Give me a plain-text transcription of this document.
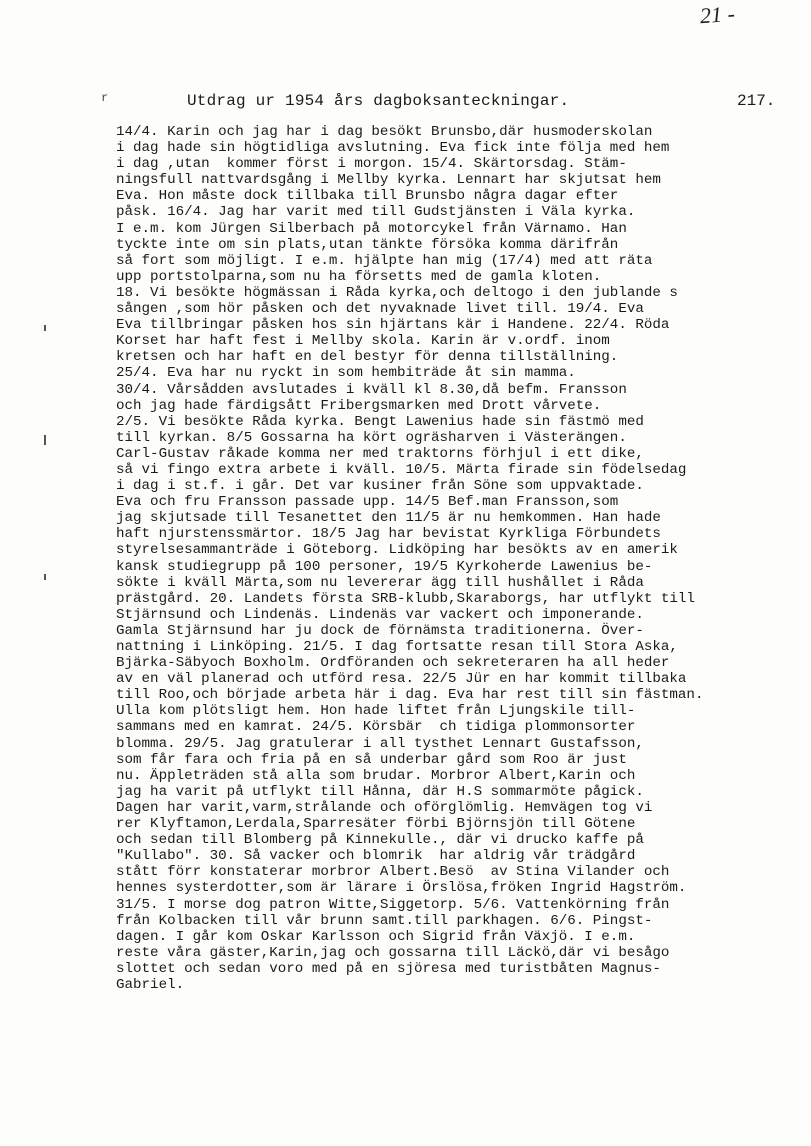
21 -
r	Utdrag ur 1954 års dagboksanteckningar.	217.
14/4. Karin och jag har i dag besökt Brunsbo,där husmoderskolan
i dag hade sin högtidliga avslutning. Eva fick inte följa med hem
i dag ,utan  kommer först i morgon. 15/4. Skärtorsdag. Stäm-
ningsfull nattvardsgång i Mellby kyrka. Lennart har skjutsat hem
Eva. Hon måste dock tillbaka till Brunsbo några dagar efter
påsk. 16/4. Jag har varit med till Gudstjänsten i Väla kyrka.
I e.m. kom Jürgen Silberbach på motorcykel från Värnamo. Han
tyckte inte om sin plats,utan tänkte försöka komma därifrån
så fort som möjligt. I e.m. hjälpte han mig (17/4) med att räta
upp portstolparna,som nu ha försetts med de gamla kloten.
18. Vi besökte högmässan i Råda kyrka,och deltogo i den jublande s
sången ,som hör påsken och det nyvaknade livet till. 19/4. Eva
Eva tillbringar påsken hos sin hjärtans kär i Handene. 22/4. Röda
Korset har haft fest i Mellby skola. Karin är v.ordf. inom
kretsen och har haft en del bestyr för denna tillställning.
25/4. Eva har nu ryckt in som hembiträde åt sin mamma.
30/4. Vårsådden avslutades i kväll kl 8.30,då befm. Fransson
och jag hade färdigsått Fribergsmarken med Drott vårvete.
2/5. Vi besökte Råda kyrka. Bengt Lawenius hade sin fästmö med
till kyrkan. 8/5 Gossarna ha kört ogräsharven i Västerängen.
Carl-Gustav råkade komma ner med traktorns förhjul i ett dike,
så vi fingo extra arbete i kväll. 10/5. Märta firade sin födelsedag
i dag i st.f. i går. Det var kusiner från Söne som uppvaktade.
Eva och fru Fransson passade upp. 14/5 Bef.man Fransson,som
jag skjutsade till Tesanettet den 11/5 är nu hemkommen. Han hade
haft njurstenssmärtor. 18/5 Jag har bevistat Kyrkliga Förbundets
styrelsesammanträde i Göteborg. Lidköping har besökts av en amerik
kansk studiegrupp på 100 personer, 19/5 Kyrkoherde Lawenius be-
sökte i kväll Märta,som nu levererar ägg till hushållet i Råda
prästgård. 20. Landets första SRB-klubb,Skaraborgs, har utflykt till
Stjärnsund och Lindenäs. Lindenäs var vackert och imponerande.
Gamla Stjärnsund har ju dock de förnämsta traditionerna. Över-
nattning i Linköping. 21/5. I dag fortsatte resan till Stora Aska,
Bjärka-Säbyoch Boxholm. Ordföranden och sekreteraren ha all heder
av en väl planerad och utförd resa. 22/5 Jür en har kommit tillbaka
till Roo,och började arbeta här i dag. Eva har rest till sin fästman.
Ulla kom plötsligt hem. Hon hade liftet från Ljungskile till-
sammans med en kamrat. 24/5. Körsbär  ch tidiga plommonsorter
blomma. 29/5. Jag gratulerar i all tysthet Lennart Gustafsson,
som får fara och fria på en så underbar gård som Roo är just
nu. Äppleträden stå alla som brudar. Morbror Albert,Karin och
jag ha varit på utflykt till Hånna, där H.S sommarmöte pågick.
Dagen har varit,varm,strålande och oförglömlig. Hemvägen tog vi
rer Klyftamon,Lerdala,Sparresäter förbi Björnsjön till Götene
och sedan till Blomberg på Kinnekulle., där vi drucko kaffe på
"Kullabo". 30. Så vacker och blomrik  har aldrig vår trädgård
stått förr konstaterar morbror Albert.Besö  av Stina Vilander och
hennes systerdotter,som är lärare i Örslösa,fröken Ingrid Hagström.
31/5. I morse dog patron Witte,Siggetorp. 5/6. Vattenkörning från
från Kolbacken till vår brunn samt.till parkhagen. 6/6. Pingst-
dagen. I går kom Oskar Karlsson och Sigrid från Växjö. I e.m.
reste våra gäster,Karin,jag och gossarna till Läckö,där vi besågo
slottet och sedan voro med på en sjöresa med turistbåten Magnus-
Gabriel.
